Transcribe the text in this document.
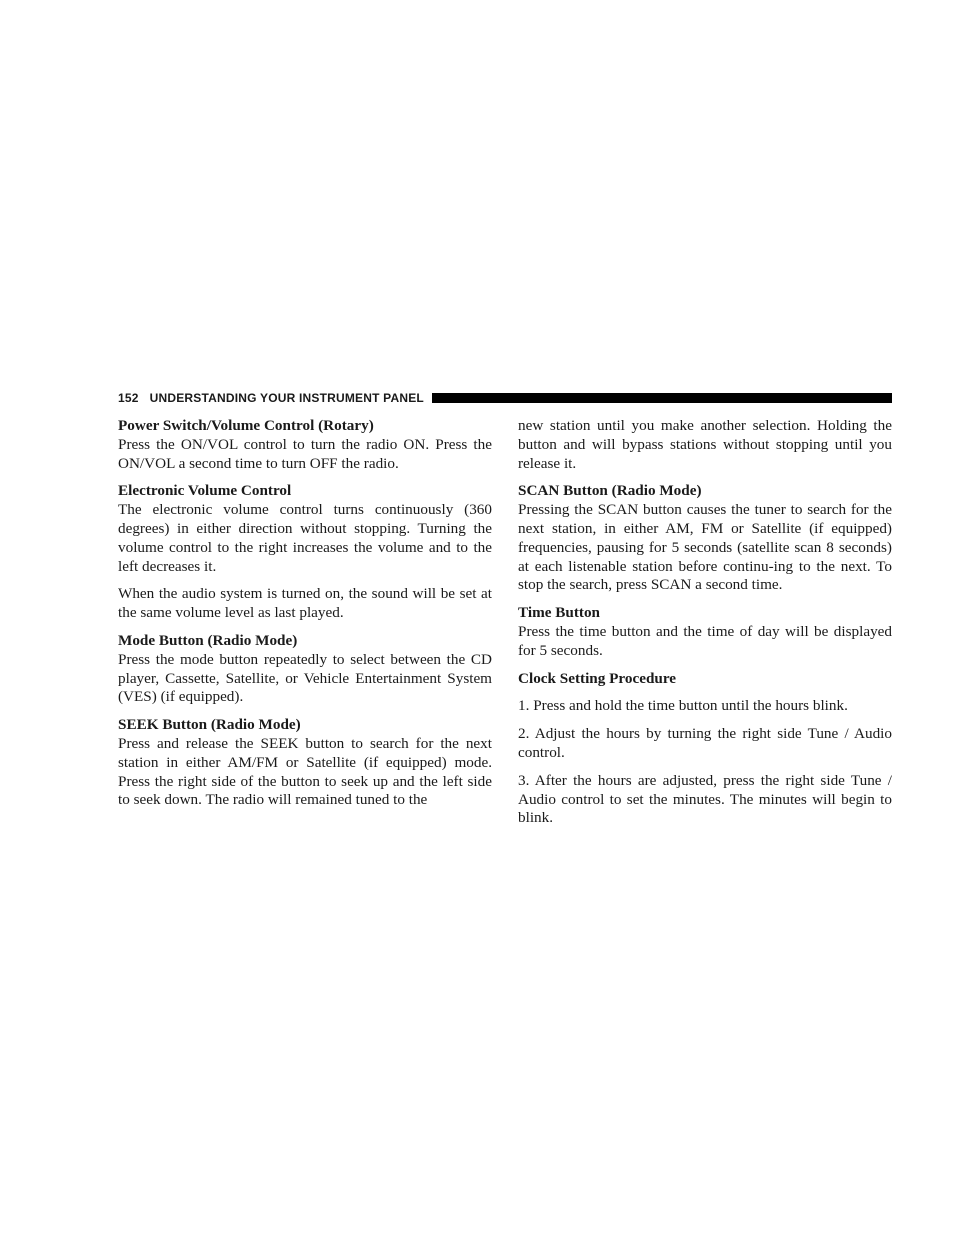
152 UNDERSTANDING YOUR INSTRUMENT PANEL

Power Switch/Volume Control (Rotary)

Press the ON/VOL control to turn the radio ON. Press the ON/VOL a second time to turn OFF the radio.

Electronic Volume Control

The electronic volume control turns continuously (360 degrees) in either direction without stopping. Turning the volume control to the right increases the volume and to the left decreases it.

When the audio system is turned on, the sound will be set at the same volume level as last played.

Mode Button (Radio Mode)

Press the mode button repeatedly to select between the CD player, Cassette, Satellite, or Vehicle Entertainment System (VES) (if equipped).

SEEK Button (Radio Mode)

Press and release the SEEK button to search for the next station in either AM/FM or Satellite (if equipped) mode. Press the right side of the button to seek up and the left side to seek down. The radio will remained tuned to the

new station until you make another selection. Holding the button and will bypass stations without stopping until you release it.

SCAN Button (Radio Mode)

Pressing the SCAN button causes the tuner to search for the next station, in either AM, FM or Satellite (if equipped) frequencies, pausing for 5 seconds (satellite scan 8 seconds) at each listenable station before continu-ing to the next. To stop the search, press SCAN a second time.

Time Button

Press the time button and the time of day will be displayed for 5 seconds.

Clock Setting Procedure

1. Press and hold the time button until the hours blink.

2. Adjust the hours by turning the right side Tune / Audio control.

3. After the hours are adjusted, press the right side Tune / Audio control to set the minutes. The minutes will begin to blink.
